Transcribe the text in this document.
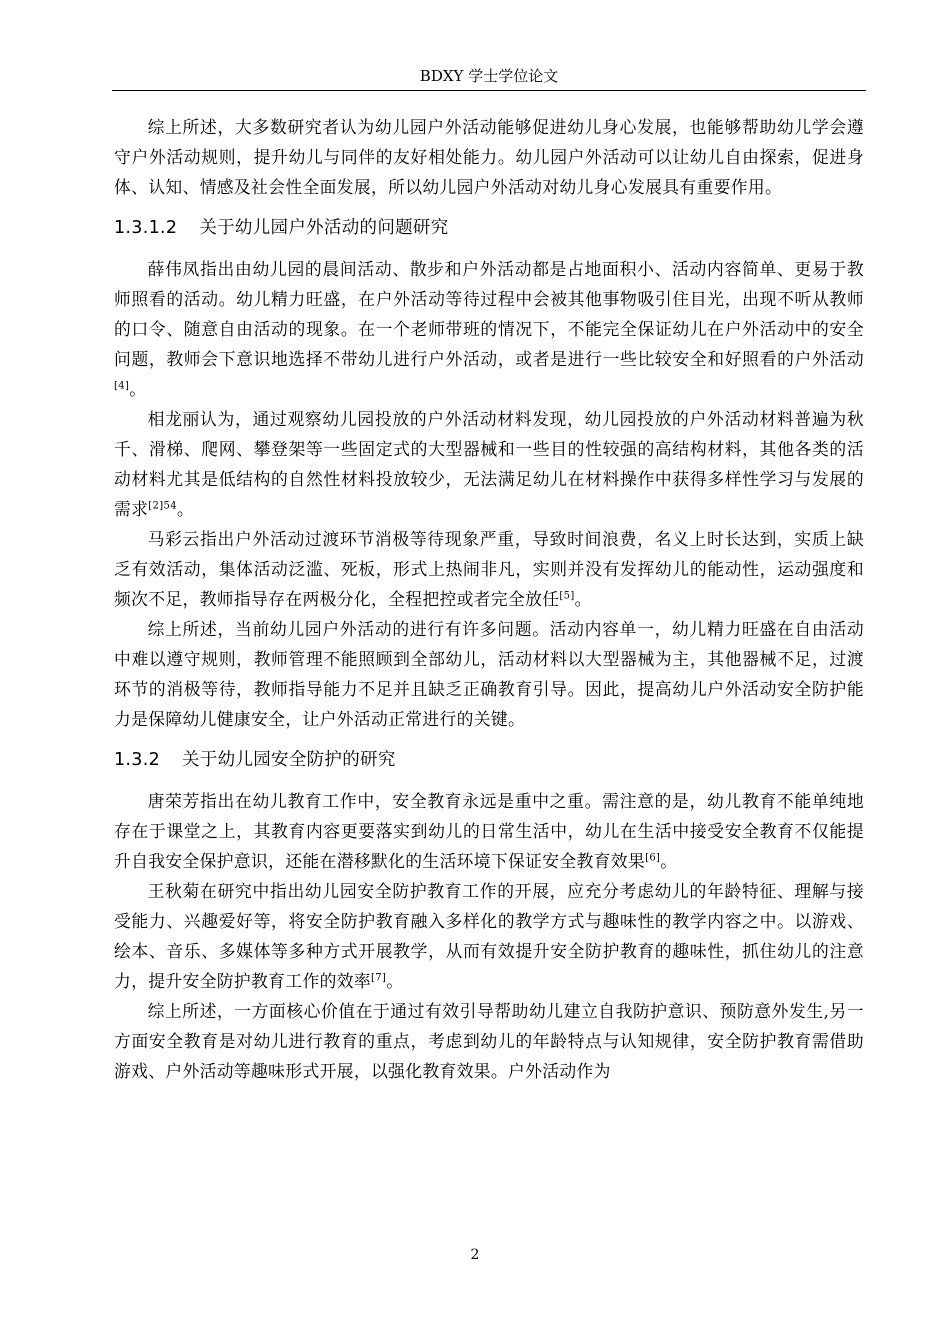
BDXY 学士学位论文

综上所述，大多数研究者认为幼儿园户外活动能够促进幼儿身心发展，也能够帮助幼儿学会遵守户外活动规则，提升幼儿与同伴的友好相处能力。幼儿园户外活动可以让幼儿自由探索，促进身体、认知、情感及社会性全面发展，所以幼儿园户外活动对幼儿身心发展具有重要作用。

1.3.1.2 关于幼儿园户外活动的问题研究

薛伟凤指出由幼儿园的晨间活动、散步和户外活动都是占地面积小、活动内容简单、更易于教师照看的活动。幼儿精力旺盛，在户外活动等待过程中会被其他事物吸引住目光，出现不听从教师的口令、随意自由活动的现象。在一个老师带班的情况下，不能完全保证幼儿在户外活动中的安全问题，教师会下意识地选择不带幼儿进行户外活动，或者是进行一些比较安全和好照看的户外活动[4]。

相龙丽认为，通过观察幼儿园投放的户外活动材料发现，幼儿园投放的户外活动材料普遍为秋千、滑梯、爬网、攀登架等一些固定式的大型器械和一些目的性较强的高结构材料，其他各类的活动材料尤其是低结构的自然性材料投放较少，无法满足幼儿在材料操作中获得多样性学习与发展的需求$^{[2]54}$。

马彩云指出户外活动过渡环节消极等待现象严重，导致时间浪费，名义上时长达到，实质上缺乏有效活动，集体活动泛滥、死板，形式上热闹非凡，实则并没有发挥幼儿的能动性，运动强度和频次不足，教师指导存在两极分化，全程把控或者完全放任[5]。

综上所述，当前幼儿园户外活动的进行有许多问题。活动内容单一，幼儿精力旺盛在自由活动中难以遵守规则，教师管理不能照顾到全部幼儿，活动材料以大型器械为主，其他器械不足，过渡环节的消极等待，教师指导能力不足并且缺乏正确教育引导。因此，提高幼儿户外活动安全防护能力是保障幼儿健康安全，让户外活动正常进行的关键。

1.3.2 关于幼儿园安全防护的研究

唐荣芳指出在幼儿教育工作中，安全教育永远是重中之重。需注意的是，幼儿教育不能单纯地存在于课堂之上，其教育内容更要落实到幼儿的日常生活中，幼儿在生活中接受安全教育不仅能提升自我安全保护意识，还能在潜移默化的生活环境下保证安全教育效果[6]。

王秋菊在研究中指出幼儿园安全防护教育工作的开展，应充分考虑幼儿的年龄特征、理解与接受能力、兴趣爱好等，将安全防护教育融入多样化的教学方式与趣味性的教学内容之中。以游戏、绘本、音乐、多媒体等多种方式开展教学，从而有效提升安全防护教育的趣味性，抓住幼儿的注意力，提升安全防护教育工作的效率[7]。

综上所述，一方面核心价值在于通过有效引导帮助幼儿建立自我防护意识、预防意外发生,另一方面安全教育是对幼儿进行教育的重点，考虑到幼儿的年龄特点与认知规律，安全防护教育需借助游戏、户外活动等趣味形式开展，以强化教育效果。户外活动作为

2
